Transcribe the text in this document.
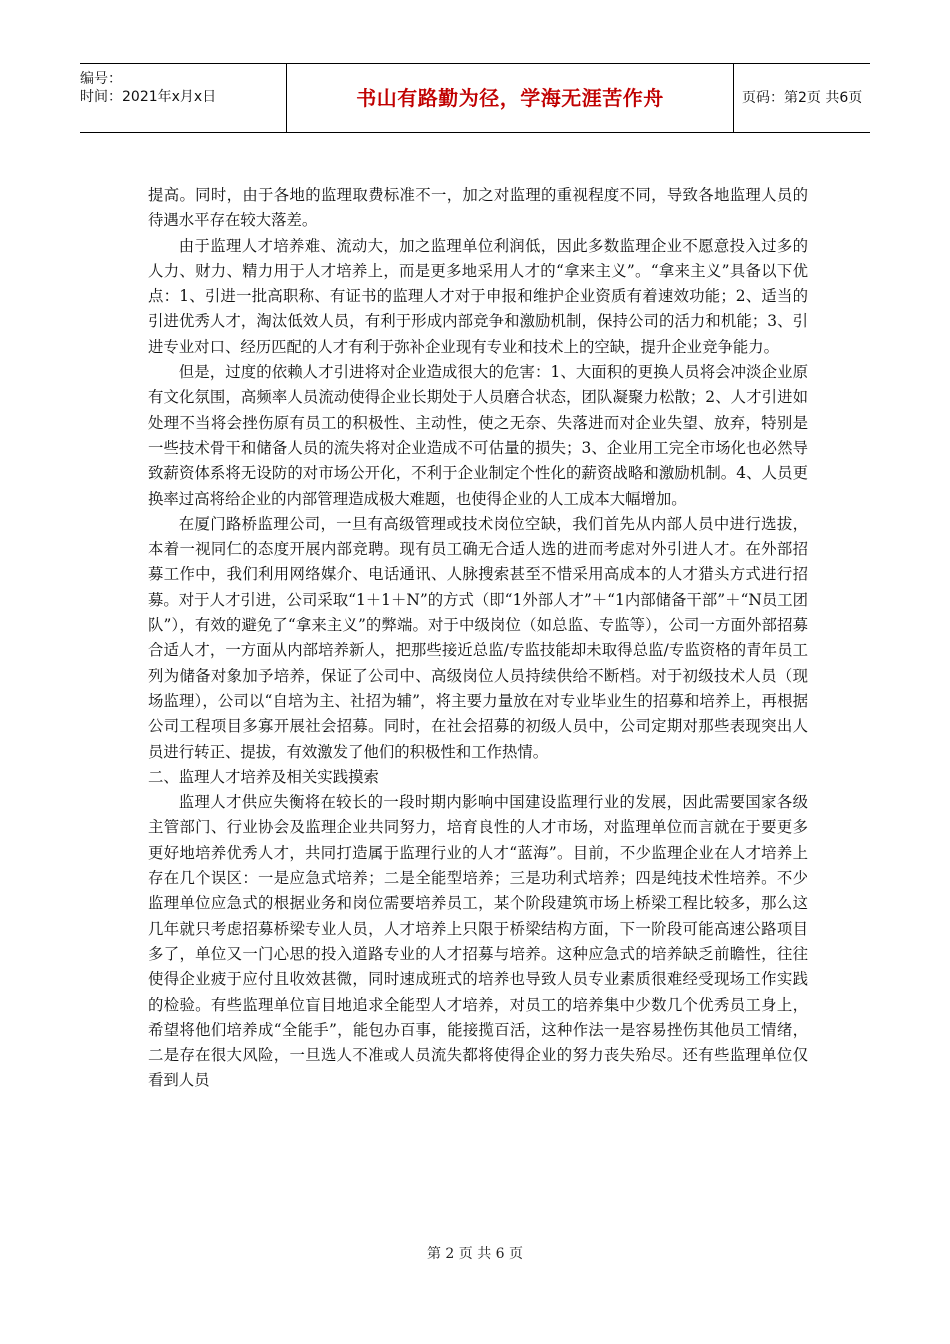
编号：
时间：2021年x月x日	书山有路勤为径，学海无涯苦作舟	页码：第2页 共6页

提高。同时，由于各地的监理取费标准不一，加之对监理的重视程度不同，导致各地监理人员的待遇水平存在较大落差。

由于监理人才培养难、流动大，加之监理单位利润低，因此多数监理企业不愿意投入过多的人力、财力、精力用于人才培养上，而是更多地采用人才的“拿来主义”。“拿来主义”具备以下优点：1、引进一批高职称、有证书的监理人才对于申报和维护企业资质有着速效功能；2、适当的引进优秀人才，淘汰低效人员，有利于形成内部竞争和激励机制，保持公司的活力和机能；3、引进专业对口、经历匹配的人才有利于弥补企业现有专业和技术上的空缺，提升企业竞争能力。

但是，过度的依赖人才引进将对企业造成很大的危害：1、大面积的更换人员将会冲淡企业原有文化氛围，高频率人员流动使得企业长期处于人员磨合状态，团队凝聚力松散；2、人才引进如处理不当将会挫伤原有员工的积极性、主动性，使之无奈、失落进而对企业失望、放弃，特别是一些技术骨干和储备人员的流失将对企业造成不可估量的损失；3、企业用工完全市场化也必然导致薪资体系将无设防的对市场公开化，不利于企业制定个性化的薪资战略和激励机制。4、人员更换率过高将给企业的内部管理造成极大难题，也使得企业的人工成本大幅增加。

在厦门路桥监理公司，一旦有高级管理或技术岗位空缺，我们首先从内部人员中进行选拔，本着一视同仁的态度开展内部竞聘。现有员工确无合适人选的进而考虑对外引进人才。在外部招募工作中，我们利用网络媒介、电话通讯、人脉搜索甚至不惜采用高成本的人才猎头方式进行招募。对于人才引进，公司采取“1＋1＋N”的方式（即“1外部人才”＋“1内部储备干部”＋“N员工团队”），有效的避免了“拿来主义”的弊端。对于中级岗位（如总监、专监等），公司一方面外部招募合适人才，一方面从内部培养新人，把那些接近总监/专监技能却未取得总监/专监资格的青年员工列为储备对象加予培养，保证了公司中、高级岗位人员持续供给不断档。对于初级技术人员（现场监理），公司以“自培为主、社招为辅”，将主要力量放在对专业毕业生的招募和培养上，再根据公司工程项目多寡开展社会招募。同时，在社会招募的初级人员中，公司定期对那些表现突出人员进行转正、提拔，有效激发了他们的积极性和工作热情。

二、监理人才培养及相关实践摸索

监理人才供应失衡将在较长的一段时期内影响中国建设监理行业的发展，因此需要国家各级主管部门、行业协会及监理企业共同努力，培育良性的人才市场，对监理单位而言就在于要更多更好地培养优秀人才，共同打造属于监理行业的人才“蓝海”。目前，不少监理企业在人才培养上存在几个误区：一是应急式培养；二是全能型培养；三是功利式培养；四是纯技术性培养。不少监理单位应急式的根据业务和岗位需要培养员工，某个阶段建筑市场上桥梁工程比较多，那么这几年就只考虑招募桥梁专业人员，人才培养上只限于桥梁结构方面，下一阶段可能高速公路项目多了，单位又一门心思的投入道路专业的人才招募与培养。这种应急式的培养缺乏前瞻性，往往使得企业疲于应付且收效甚微，同时速成班式的培养也导致人员专业素质很难经受现场工作实践的检验。有些监理单位盲目地追求全能型人才培养，对员工的培养集中少数几个优秀员工身上，希望将他们培养成“全能手”，能包办百事，能接揽百活，这种作法一是容易挫伤其他员工情绪，二是存在很大风险，一旦选人不准或人员流失都将使得企业的努力丧失殆尽。还有些监理单位仅看到人员

第 2 页 共 6 页
